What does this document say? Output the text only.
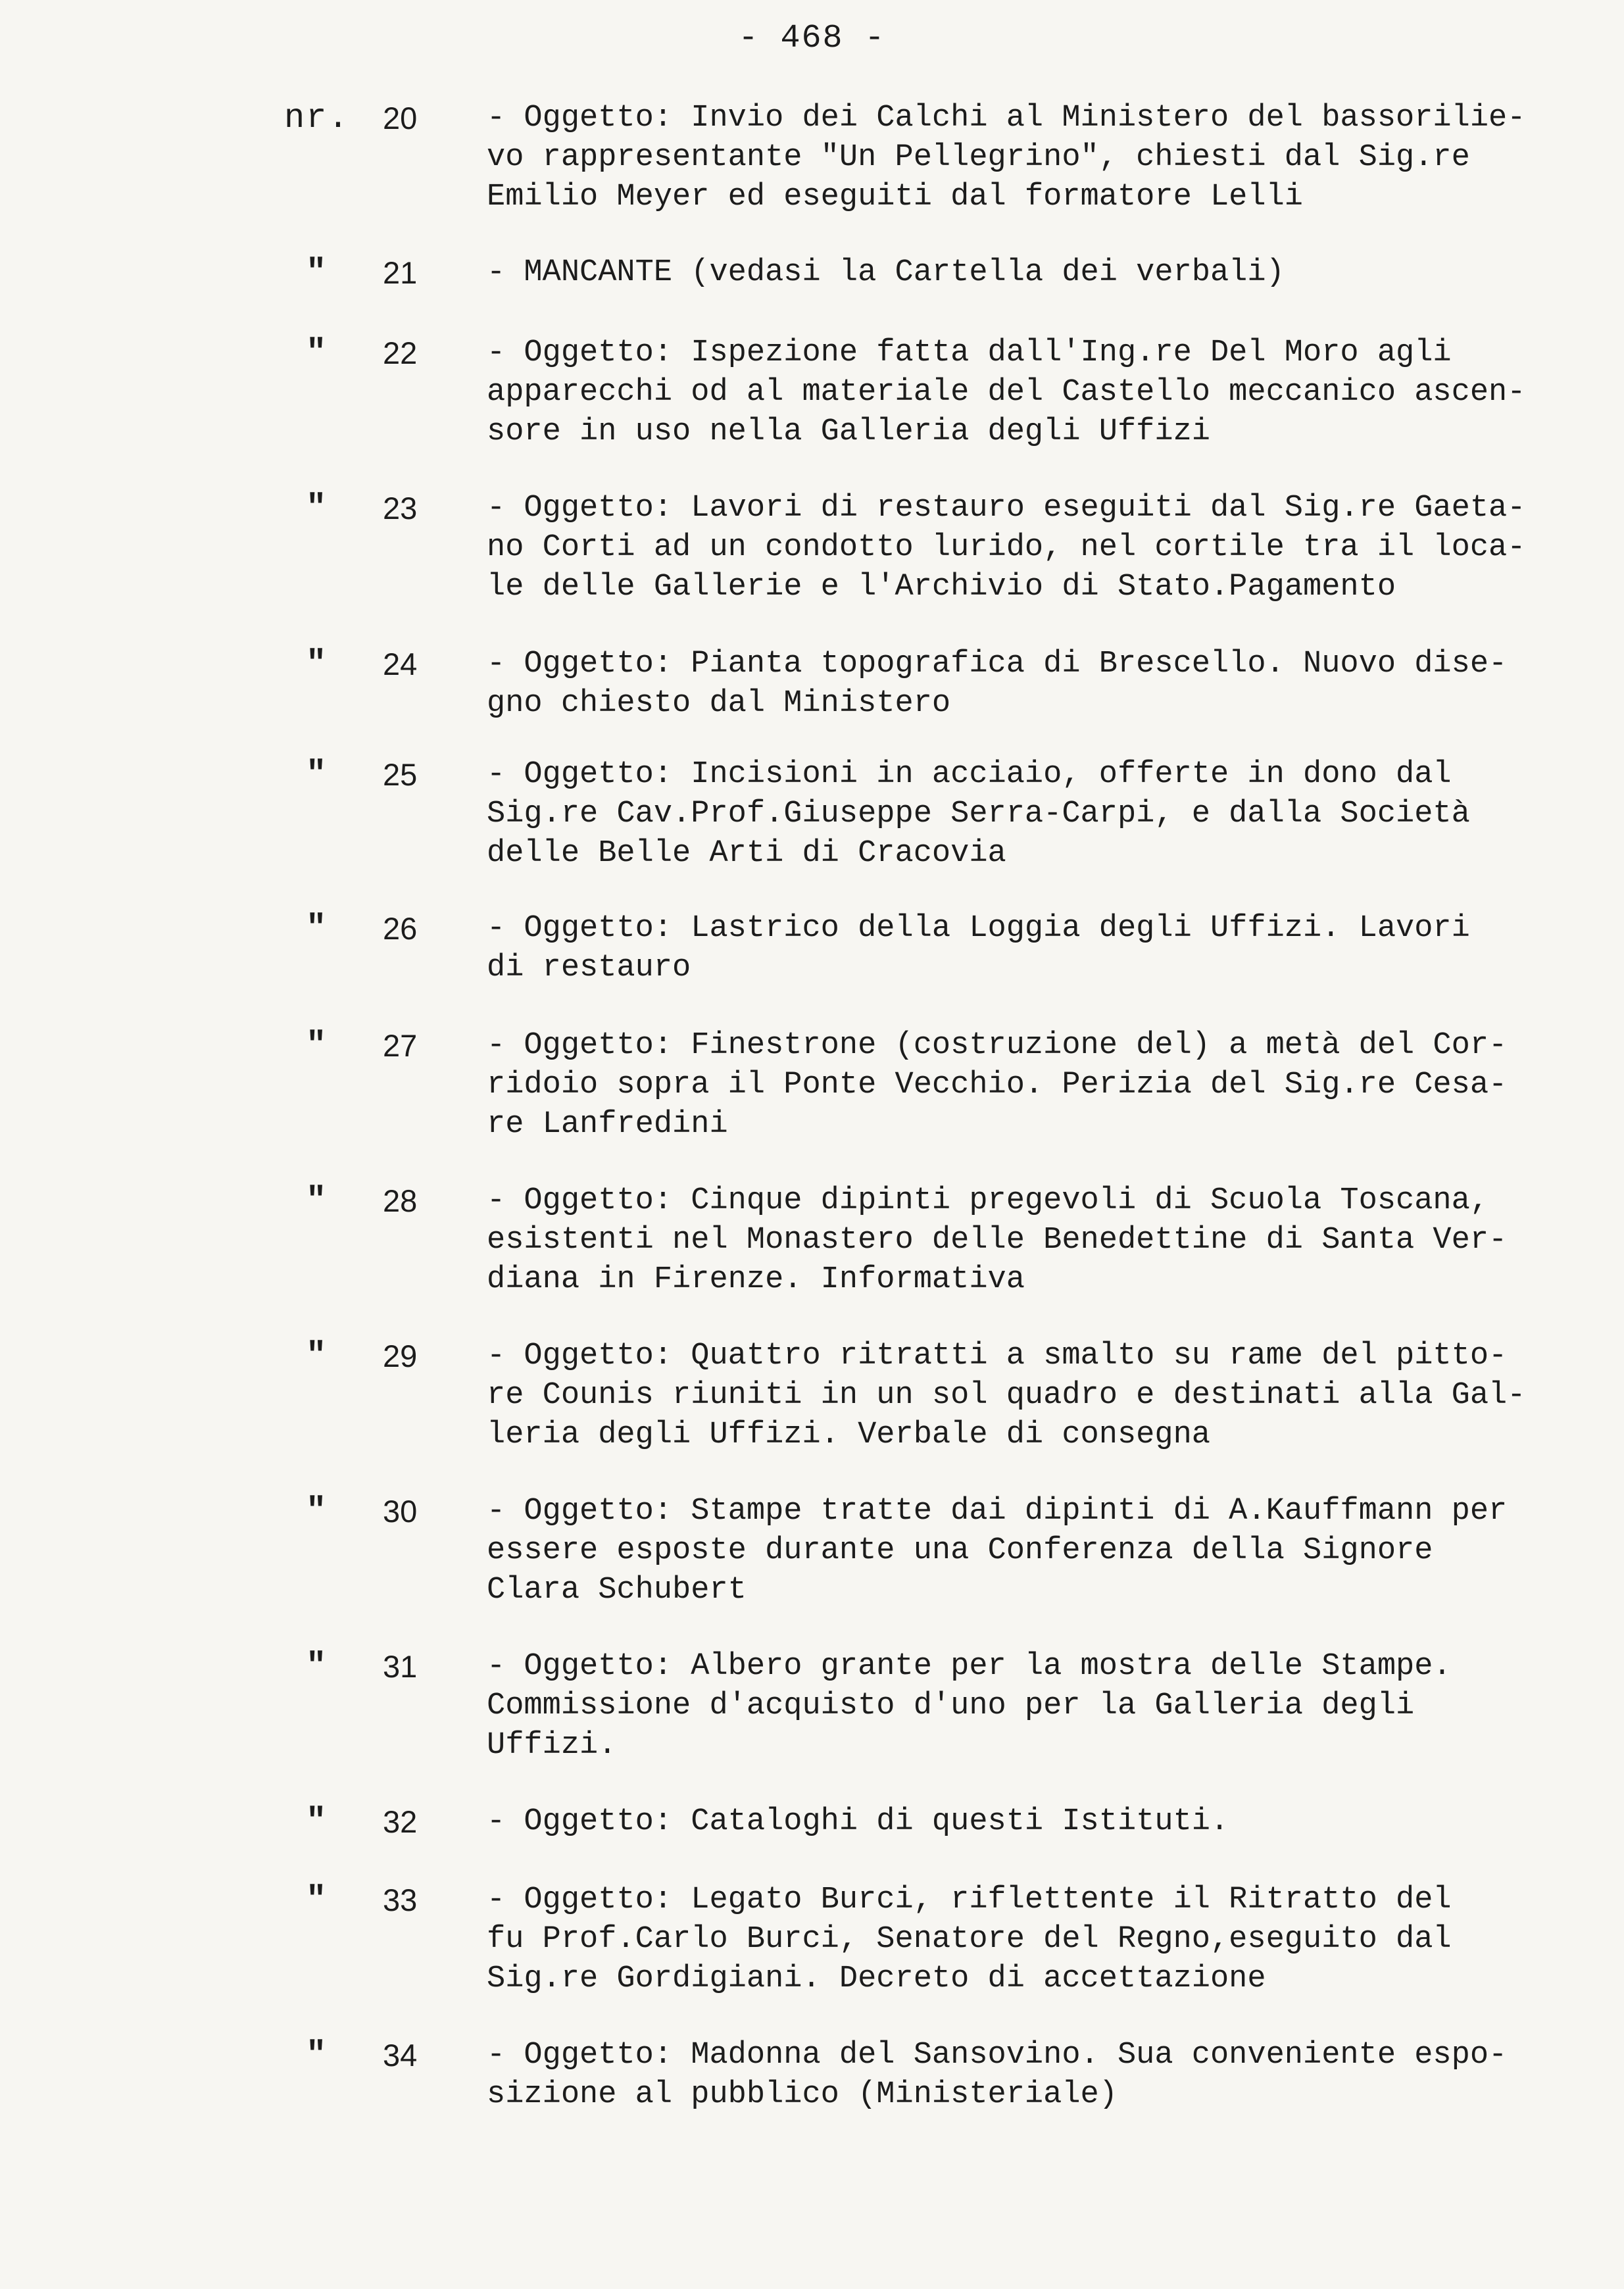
- 468 -
nr. 20 - Oggetto: Invio dei Calchi al Ministero del bassorilie-
vo rappresentante "Un Pellegrino", chiesti dal Sig.re
Emilio Meyer ed eseguiti dal formatore Lelli
" 21 - MANCANTE (vedasi la Cartella dei verbali)
" 22 - Oggetto: Ispezione fatta dall'Ing.re Del Moro agli
apparecchi od al materiale del Castello meccanico ascen-
sore in uso nella Galleria degli Uffizi
" 23 - Oggetto: Lavori di restauro eseguiti dal Sig.re Gaeta-
no Corti ad un condotto lurido, nel cortile tra il loca-
le delle Gallerie e l'Archivio di Stato.Pagamento
" 24 - Oggetto: Pianta topografica di Brescello. Nuovo dise-
gno chiesto dal Ministero
" 25 - Oggetto: Incisioni in acciaio, offerte in dono dal
Sig.re Cav.Prof.Giuseppe Serra-Carpi, e dalla Società
delle Belle Arti di Cracovia
" 26 - Oggetto: Lastrico della Loggia degli Uffizi. Lavori
di restauro
" 27 - Oggetto: Finestrone (costruzione del) a metà del Cor-
ridoio sopra il Ponte Vecchio. Perizia del Sig.re Cesa-
re Lanfredini
" 28 - Oggetto: Cinque dipinti pregevoli di Scuola Toscana,
esistenti nel Monastero delle Benedettine di Santa Ver-
diana in Firenze. Informativa
" 29 - Oggetto: Quattro ritratti a smalto su rame del pitto-
re Counis riuniti in un sol quadro e destinati alla Gal-
leria degli Uffizi. Verbale di consegna
" 30 - Oggetto: Stampe tratte dai dipinti di A.Kauffmann per
essere esposte durante una Conferenza della Signore
Clara Schubert
" 31 - Oggetto: Albero grante per la mostra delle Stampe.
Commissione d'acquisto d'uno per la Galleria degli
Uffizi.
" 32 - Oggetto: Cataloghi di questi Istituti.
" 33 - Oggetto: Legato Burci, riflettente il Ritratto del
fu Prof.Carlo Burci, Senatore del Regno,eseguito dal
Sig.re Gordigiani. Decreto di accettazione
" 34 - Oggetto: Madonna del Sansovino. Sua conveniente espo-
sizione al pubblico (Ministeriale)
